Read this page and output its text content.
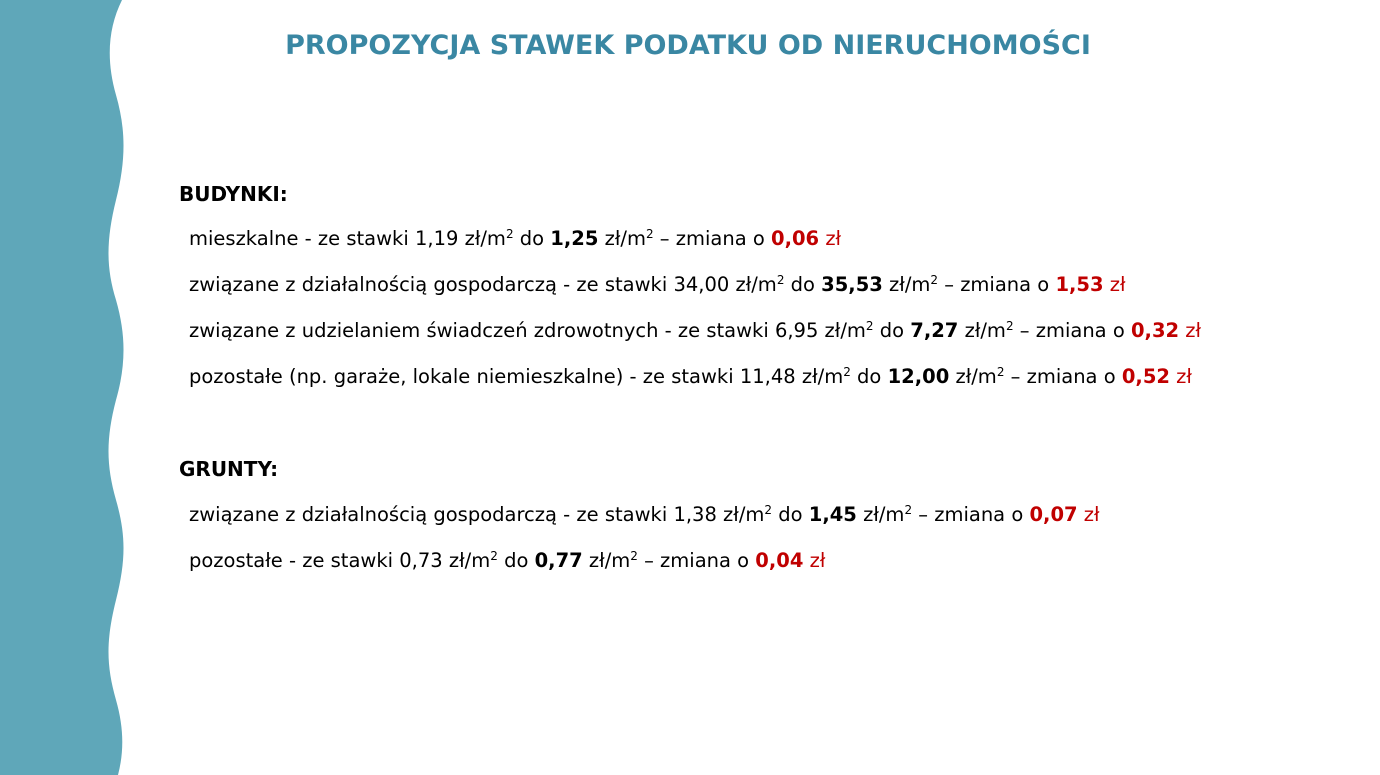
PROPOZYCJA STAWEK PODATKU OD NIERUCHOMOŚCI
BUDYNKI:
mieszkalne - ze stawki 1,19 $zł/m^2$ do 1,25 $zł/m^2$ – zmiana o 0,06 zł
związane z działalnością gospodarczą - ze stawki 34,00 $zł/m^2$ do 35,53 $zł/m^2$ – zmiana o 1,53 zł
związane z udzielaniem świadczeń zdrowotnych - ze stawki 6,95 $zł/m^2$ do 7,27 $zł/m^2$ – zmiana o 0,32 zł
pozostałe (np. garaże, lokale niemieszkalne) - ze stawki 11,48 $zł/m^2$ do 12,00 $zł/m^2$ – zmiana o 0,52 zł
GRUNTY:
związane z działalnością gospodarczą - ze stawki 1,38 $zł/m^2$ do 1,45 $zł/m^2$ – zmiana o 0,07 zł
pozostałe - ze stawki 0,73 $zł/m^2$ do 0,77 $zł/m^2$ – zmiana o 0,04 zł
